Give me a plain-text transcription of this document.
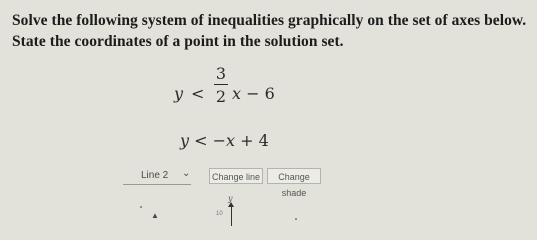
Solve the following system of inequalities graphically on the set of axes below. State the coordinates of a point in the solution set.
y <
3
2 x − 6
y < −x + 4
Line 2 ⌄	Change line	Change shade
y
10
▲
